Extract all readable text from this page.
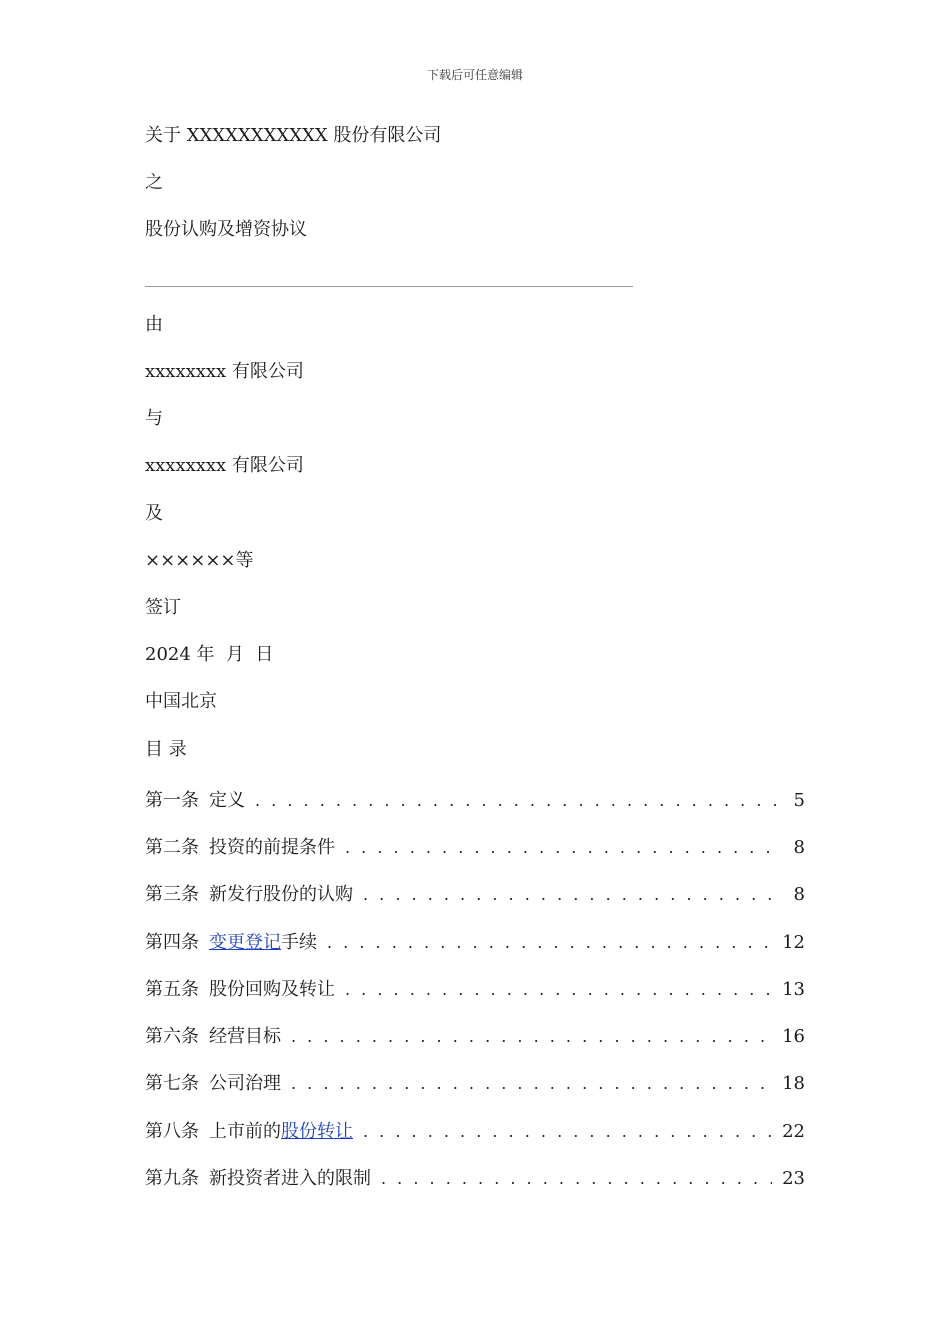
下载后可任意编辑
关于 XXXXXXXXXXX 股份有限公司
之
股份认购及增资协议
由
xxxxxxxx 有限公司
与
xxxxxxxx 有限公司
及
××××××等
签订
2024 年  月  日
中国北京
目 录
第一条 定义 . . .	5
第二条 投资的前提条件 . . .	8
第三条 新发行股份的认购 . . .	8
第四条 变更登记手续 . . .	12
第五条 股份回购及转让 . . .	13
第六条 经营目标 . . .	16
第七条 公司治理 . . .	18
第八条 上市前的股份转让 . . .	22
第九条 新投资者进入的限制 . . .	23
